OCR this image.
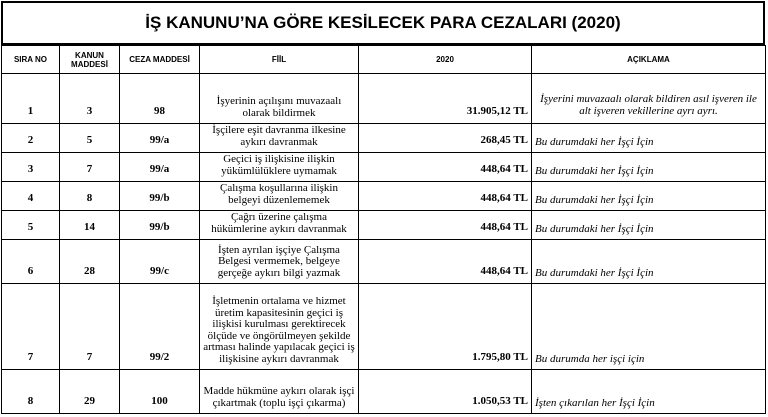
İŞ KANUNU’NA GÖRE KESİLECEK PARA CEZALARI (2020)
SIRA NO	KANUN MADDESİ	CEZA MADDESİ	FİİL	2020	AÇIKLAMA
1	3	98	İşyerinin açılışını muvazaalı olarak bildirmek	31.905,12 TL	İşyerini muvazaalı olarak bildiren asıl işveren ile alt işveren vekillerine ayrı ayrı.
2	5	99/a	İşçilere eşit davranma ilkesine aykırı davranmak	268,45 TL	Bu durumdaki her İşçi İçin
3	7	99/a	Geçici iş ilişkisine ilişkin yükümlülüklere uymamak	448,64 TL	Bu durumdaki her İşçi İçin
4	8	99/b	Çalışma koşullarına ilişkin belgeyi düzenlememek	448,64 TL	Bu durumdaki her İşçi İçin
5	14	99/b	Çağrı üzerine çalışma hükümlerine aykırı davranmak	448,64 TL	Bu durumdaki her İşçi İçin
6	28	99/c	İşten ayrılan işçiye Çalışma Belgesi vermemek, belgeye gerçeğe aykırı bilgi yazmak	448,64 TL	Bu durumdaki her İşçi İçin
7	7	99/2	İşletmenin ortalama ve hizmet üretim kapasitesinin geçici iş ilişkisi kurulması gerektirecek ölçüde ve öngörülmeyen şekilde artması halinde yapılacak geçici iş ilişkisine aykırı davranmak	1.795,80 TL	Bu durumda her işçi için
8	29	100	Madde hükmüne aykırı olarak işçi çıkartmak (toplu işçi çıkarma)	1.050,53 TL	İşten çıkarılan her İşçi İçin
